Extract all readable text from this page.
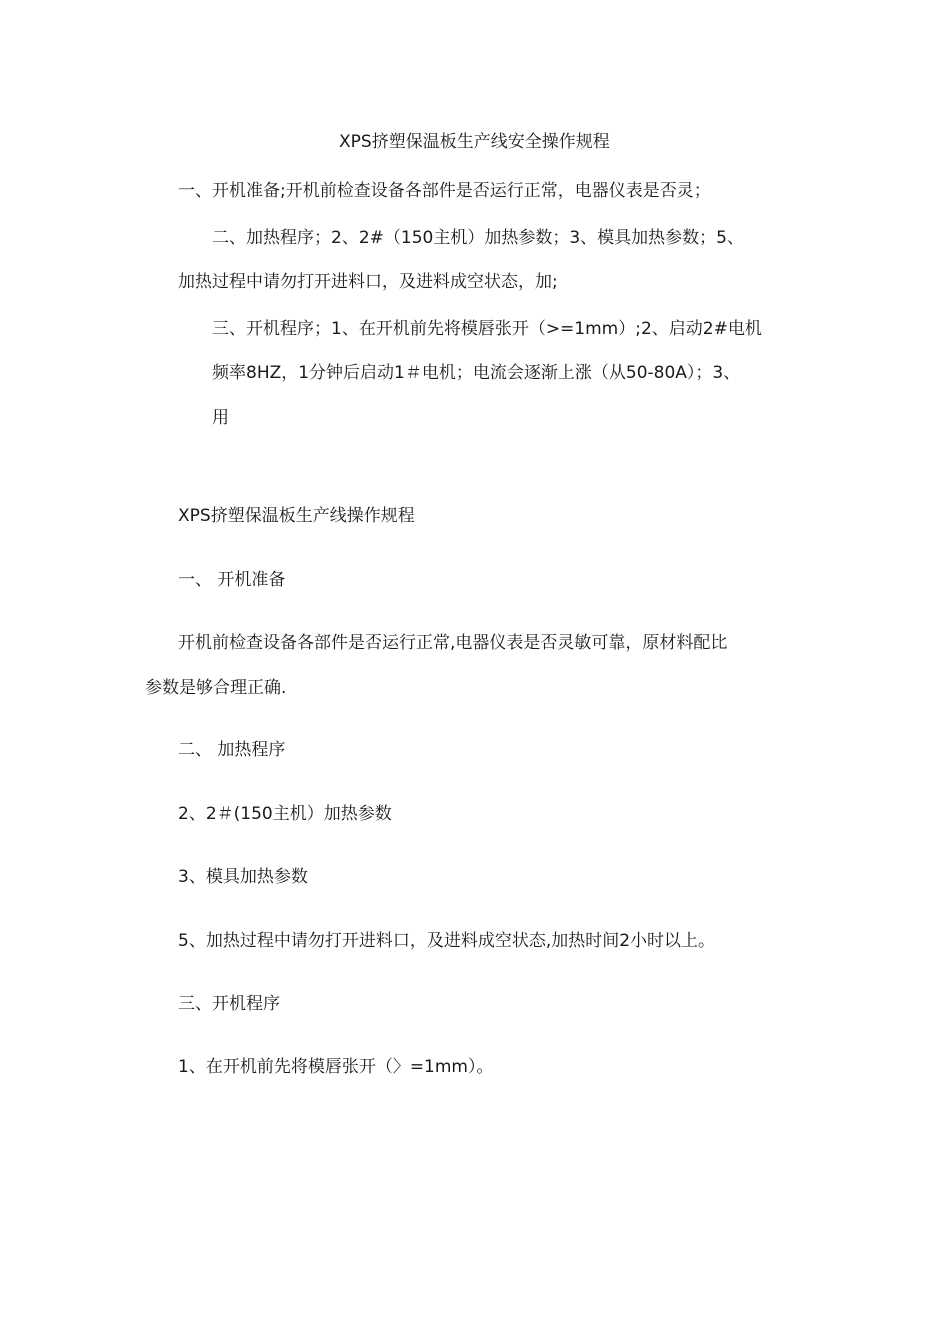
XPS挤塑保温板生产线安全操作规程
一、开机准备;开机前检查设备各部件是否运行正常，电器仪表是否灵；
二、加热程序；2、2#（150主机）加热参数；3、模具加热参数；5、
加热过程中请勿打开进料口，及进料成空状态，加;
三、开机程序；1、在开机前先将模唇张开（>=1mm）;2、启动2#电机
频率8HZ，1分钟后启动1＃电机；电流会逐渐上涨（从50-80A）；3、
用
XPS挤塑保温板生产线操作规程
一、 开机准备
开机前检查设备各部件是否运行正常,电器仪表是否灵敏可靠，原材料配比
参数是够合理正确.
二、 加热程序
2、2＃(150主机）加热参数
3、模具加热参数
5、加热过程中请勿打开进料口，及进料成空状态,加热时间2小时以上。
三、开机程序
1、在开机前先将模唇张开（〉=1mm）。
